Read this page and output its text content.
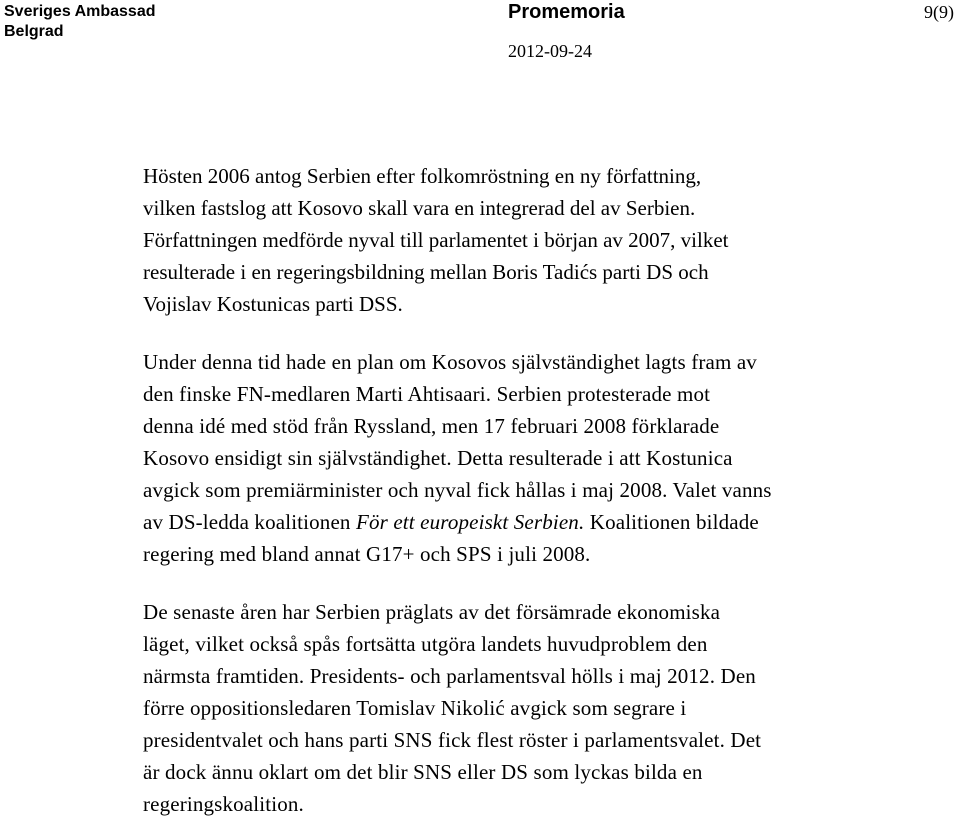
Sveriges Ambassad
Belgrad
Promemoria
2012-09-24
9(9)

Hösten 2006 antog Serbien efter folkomröstning en ny författning,
vilken fastslog att Kosovo skall vara en integrerad del av Serbien.
Författningen medförde nyval till parlamentet i början av 2007, vilket
resulterade i en regeringsbildning mellan Boris Tadićs parti DS och
Vojislav Kostunicas parti DSS.

Under denna tid hade en plan om Kosovos självständighet lagts fram av
den finske FN-medlaren Marti Ahtisaari. Serbien protesterade mot
denna idé med stöd från Ryssland, men 17 februari 2008 förklarade
Kosovo ensidigt sin självständighet. Detta resulterade i att Kostunica
avgick som premiärminister och nyval fick hållas i maj 2008. Valet vanns
av DS-ledda koalitionen För ett europeiskt Serbien. Koalitionen bildade
regering med bland annat G17+ och SPS i juli 2008.

De senaste åren har Serbien präglats av det försämrade ekonomiska
läget, vilket också spås fortsätta utgöra landets huvudproblem den
närmsta framtiden. Presidents- och parlamentsval hölls i maj 2012. Den
förre oppositionsledaren Tomislav Nikolić avgick som segrare i
presidentvalet och hans parti SNS fick flest röster i parlamentsvalet. Det
är dock ännu oklart om det blir SNS eller DS som lyckas bilda en
regeringskoalition.
